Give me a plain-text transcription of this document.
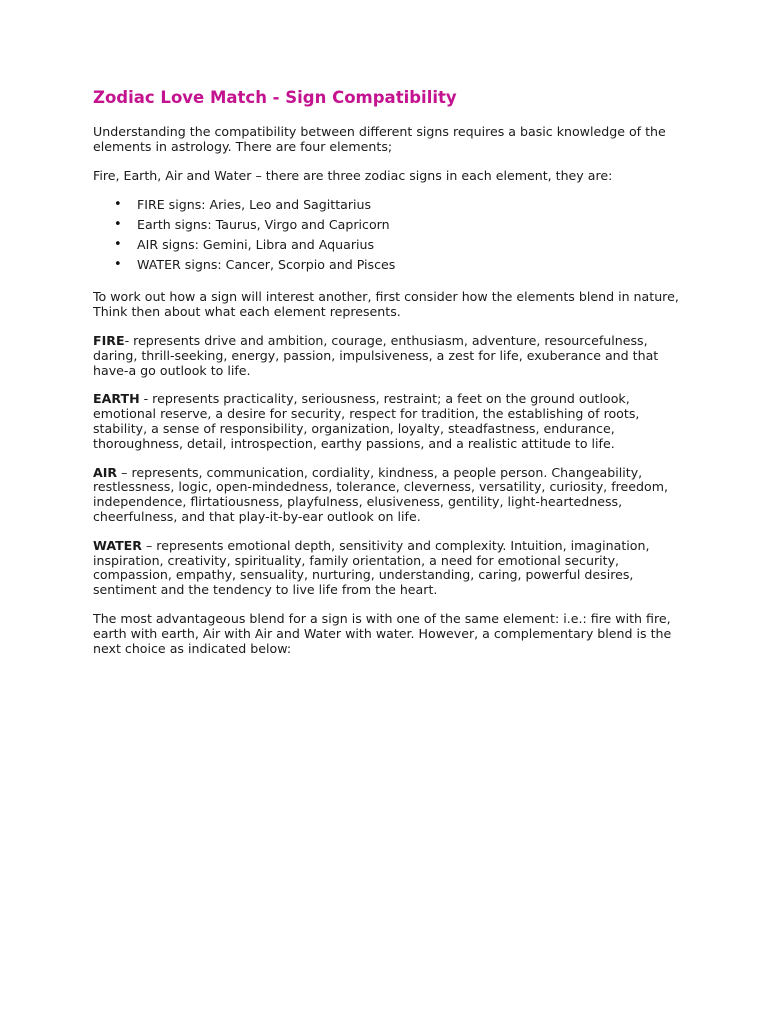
Zodiac Love Match - Sign Compatibility

Understanding the compatibility between different signs requires a basic knowledge of the elements in astrology. There are four elements;

Fire, Earth, Air and Water – there are three zodiac signs in each element, they are:

• FIRE signs: Aries, Leo and Sagittarius
• Earth signs: Taurus, Virgo and Capricorn
• AIR signs: Gemini, Libra and Aquarius
• WATER signs: Cancer, Scorpio and Pisces

To work out how a sign will interest another, first consider how the elements blend in nature, Think then about what each element represents.

FIRE- represents drive and ambition, courage, enthusiasm, adventure, resourcefulness, daring, thrill-seeking, energy, passion, impulsiveness, a zest for life, exuberance and that have-a go outlook to life.

EARTH - represents practicality, seriousness, restraint; a feet on the ground outlook, emotional reserve, a desire for security, respect for tradition, the establishing of roots, stability, a sense of responsibility, organization, loyalty, steadfastness, endurance, thoroughness, detail, introspection, earthy passions, and a realistic attitude to life.

AIR – represents, communication, cordiality, kindness, a people person. Changeability, restlessness, logic, open-mindedness, tolerance, cleverness, versatility, curiosity, freedom, independence, flirtatiousness, playfulness, elusiveness, gentility, light-heartedness, cheerfulness, and that play-it-by-ear outlook on life.

WATER – represents emotional depth, sensitivity and complexity. Intuition, imagination, inspiration, creativity, spirituality, family orientation, a need for emotional security, compassion, empathy, sensuality, nurturing, understanding, caring, powerful desires, sentiment and the tendency to live life from the heart.

The most advantageous blend for a sign is with one of the same element: i.e.: fire with fire, earth with earth, Air with Air and Water with water. However, a complementary blend is the next choice as indicated below:
